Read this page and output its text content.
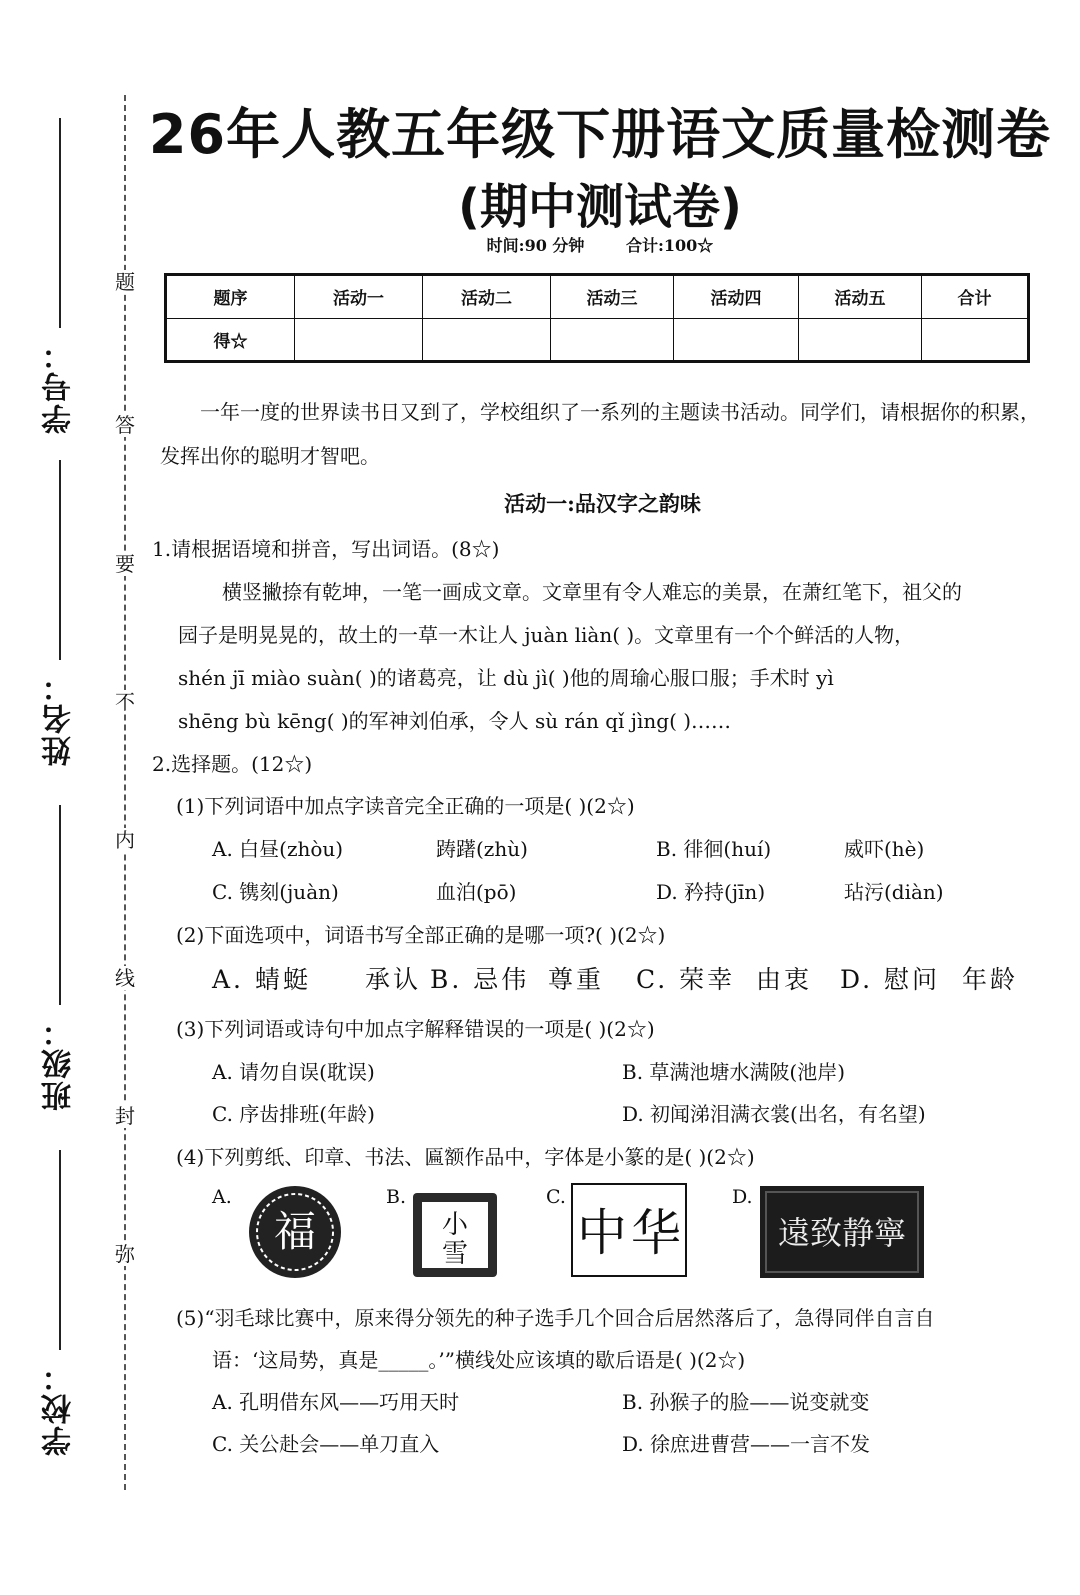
学号：
姓名：
班级：
学校：
题
答
要
不
内
线
封
弥
26年人教五年级下册语文质量检测卷
(期中测试卷)
时间:90 分钟	合计:100☆
题序	活动一	活动二	活动三	活动四	活动五	合计
得☆						
一年一度的世界读书日又到了，学校组织了一系列的主题读书活动。同学们，请根据你的积累，发挥出你的聪明才智吧。
活动一:品汉字之韵味
1.请根据语境和拼音，写出词语。(8☆)
横竖撇捺有乾坤，一笔一画成文章。文章里有令人难忘的美景，在萧红笔下，祖父的
园子是明晃晃的，故土的一草一木让人 juàn liàn( )。文章里有一个个鲜活的人物，
shén jī miào suàn( )的诸葛亮，让 dù jì( )他的周瑜心服口服；手术时 yì
shēng bù kēng( )的军神刘伯承，令人 sù rán qǐ jìng( )……
2.选择题。(12☆)
(1)下列词语中加点字读音完全正确的一项是( )(2☆)
A. 白昼(zhòu)	踌躇(zhù)	B. 徘徊(huí)	威吓(hè)
C. 镌刻(juàn)	血泊(pō)	D. 矜持(jīn)	玷污(diàn)
(2)下面选项中，词语书写全部正确的是哪一项?( )(2☆)
A. 蜻蜓 承认 B. 忌伟 尊重 C. 荣幸 由衷 D. 慰问 年龄
(3)下列词语或诗句中加点字解释错误的一项是( )(2☆)
A. 请勿自误(耽误)	B. 草满池塘水满陂(池岸)
C. 序齿排班(年龄)	D. 初闻涕泪满衣裳(出名，有名望)
(4)下列剪纸、印章、书法、匾额作品中，字体是小篆的是( )(2☆)
A.
福
B.
小
雪
C.
中 华
D.
遠致静寧
(5)“羽毛球比赛中，原来得分领先的种子选手几个回合后居然落后了，急得同伴自言自
语：‘这局势，真是_____。’”横线处应该填的歇后语是( )(2☆)
A. 孔明借东风——巧用天时	B. 孙猴子的脸——说变就变
C. 关公赴会——单刀直入	D. 徐庶进曹营——一言不发
